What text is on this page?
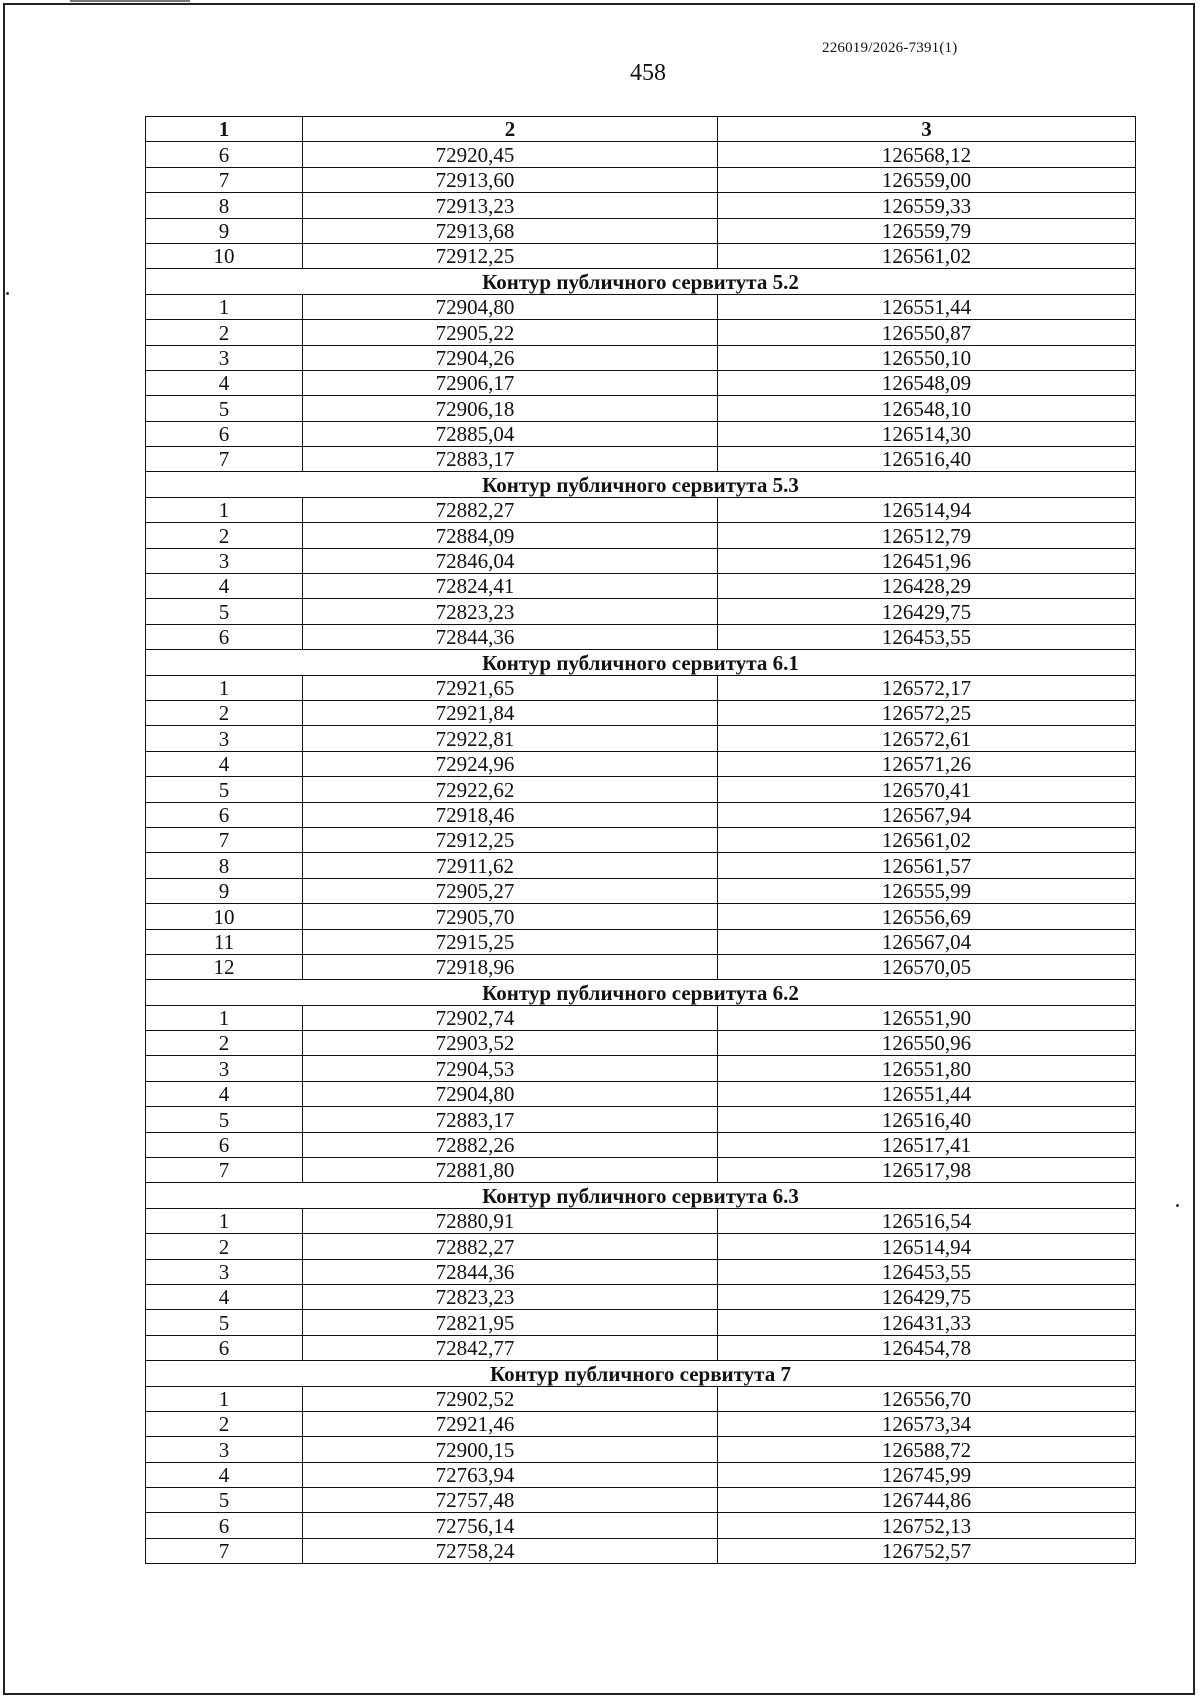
226019/2026-7391(1)
458
1	2	3
6	72920,45	126568,12
7	72913,60	126559,00
8	72913,23	126559,33
9	72913,68	126559,79
10	72912,25	126561,02
Контур публичного сервитута 5.2		
1	72904,80	126551,44
2	72905,22	126550,87
3	72904,26	126550,10
4	72906,17	126548,09
5	72906,18	126548,10
6	72885,04	126514,30
7	72883,17	126516,40
Контур публичного сервитута 5.3		
1	72882,27	126514,94
2	72884,09	126512,79
3	72846,04	126451,96
4	72824,41	126428,29
5	72823,23	126429,75
6	72844,36	126453,55
Контур публичного сервитута 6.1		
1	72921,65	126572,17
2	72921,84	126572,25
3	72922,81	126572,61
4	72924,96	126571,26
5	72922,62	126570,41
6	72918,46	126567,94
7	72912,25	126561,02
8	72911,62	126561,57
9	72905,27	126555,99
10	72905,70	126556,69
11	72915,25	126567,04
12	72918,96	126570,05
Контур публичного сервитута 6.2		
1	72902,74	126551,90
2	72903,52	126550,96
3	72904,53	126551,80
4	72904,80	126551,44
5	72883,17	126516,40
6	72882,26	126517,41
7	72881,80	126517,98
Контур публичного сервитута 6.3		
1	72880,91	126516,54
2	72882,27	126514,94
3	72844,36	126453,55
4	72823,23	126429,75
5	72821,95	126431,33
6	72842,77	126454,78
Контур публичного сервитута 7		
1	72902,52	126556,70
2	72921,46	126573,34
3	72900,15	126588,72
4	72763,94	126745,99
5	72757,48	126744,86
6	72756,14	126752,13
7	72758,24	126752,57
